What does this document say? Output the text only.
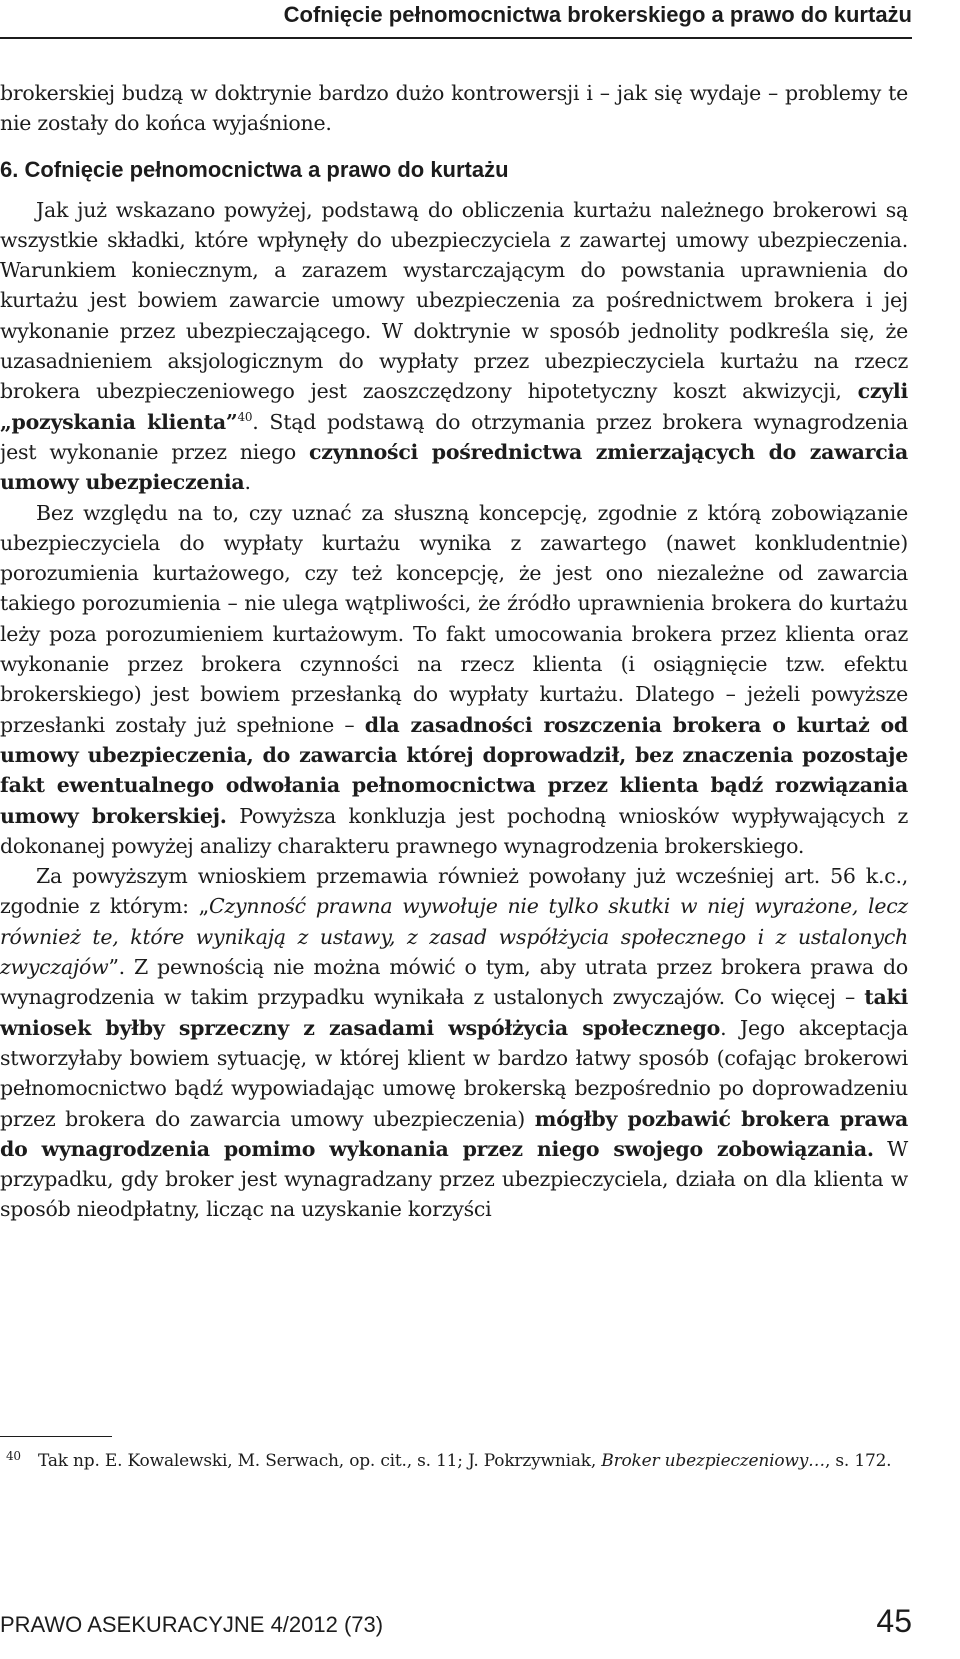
Cofnięcie pełnomocnictwa brokerskiego a prawo do kurtażu

brokerskiej budzą w doktrynie bardzo dużo kontrowersji i – jak się wydaje – problemy te nie zostały do końca wyjaśnione.

6. Cofnięcie pełnomocnictwa a prawo do kurtażu

Jak już wskazano powyżej, podstawą do obliczenia kurtażu należnego brokerowi są wszystkie składki, które wpłynęły do ubezpieczyciela z zawartej umowy ubezpieczenia. Warunkiem koniecznym, a zarazem wystarczającym do powstania uprawnienia do kurtażu jest bowiem zawarcie umowy ubezpieczenia za pośrednictwem brokera i jej wykonanie przez ubezpieczającego. W doktrynie w sposób jednolity podkreśla się, że uzasadnieniem aksjologicznym do wypłaty przez ubezpieczyciela kurtażu na rzecz brokera ubezpieczeniowego jest zaoszczędzony hipotetyczny koszt akwizycji, czyli „pozyskania klienta”$^{40}$. Stąd podstawą do otrzymania przez brokera wynagrodzenia jest wykonanie przez niego czynności pośrednictwa zmierzających do zawarcia umowy ubezpieczenia.

Bez względu na to, czy uznać za słuszną koncepcję, zgodnie z którą zobowiązanie ubezpieczyciela do wypłaty kurtażu wynika z zawartego (nawet konkludentnie) porozumienia kurtażowego, czy też koncepcję, że jest ono niezależne od zawarcia takiego porozumienia – nie ulega wątpliwości, że źródło uprawnienia brokera do kurtażu leży poza porozumieniem kurtażowym. To fakt umocowania brokera przez klienta oraz wykonanie przez brokera czynności na rzecz klienta (i osiągnięcie tzw. efektu brokerskiego) jest bowiem przesłanką do wypłaty kurtażu. Dlatego – jeżeli powyższe przesłanki zostały już spełnione – dla zasadności roszczenia brokera o kurtaż od umowy ubezpieczenia, do zawarcia której doprowadził, bez znaczenia pozostaje fakt ewentualnego odwołania pełnomocnictwa przez klienta bądź rozwiązania umowy brokerskiej. Powyższa konkluzja jest pochodną wniosków wypływających z dokonanej powyżej analizy charakteru prawnego wynagrodzenia brokerskiego.

Za powyższym wnioskiem przemawia również powołany już wcześniej art. 56 k.c., zgodnie z którym: „Czynność prawna wywołuje nie tylko skutki w niej wyrażone, lecz również te, które wynikają z ustawy, z zasad współżycia społecznego i z ustalonych zwyczajów”. Z pewnością nie można mówić o tym, aby utrata przez brokera prawa do wynagrodzenia w takim przypadku wynikała z ustalonych zwyczajów. Co więcej – taki wniosek byłby sprzeczny z zasadami współżycia społecznego. Jego akceptacja stworzyłaby bowiem sytuację, w której klient w bardzo łatwy sposób (cofając brokerowi pełnomocnictwo bądź wypowiadając umowę brokerską bezpośrednio po doprowadzeniu przez brokera do zawarcia umowy ubezpieczenia) mógłby pozbawić brokera prawa do wynagrodzenia pomimo wykonania przez niego swojego zobowiązania. W przypadku, gdy broker jest wynagradzany przez ubezpieczyciela, działa on dla klienta w sposób nieodpłatny, licząc na uzyskanie korzyści

40	Tak np. E. Kowalewski, M. Serwach, op. cit., s. 11; J. Pokrzywniak, Broker ubezpieczeniowy…, s. 172.
PRAWO ASEKURACYJNE 4/2012 (73)	45
